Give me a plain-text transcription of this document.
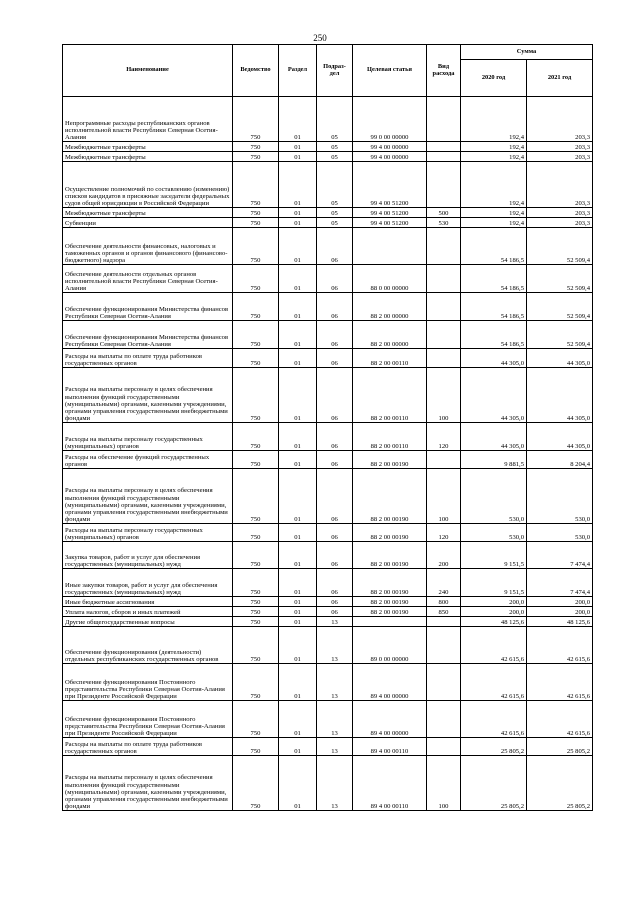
250
Наименование	Ведомство	Раздел	Подраз-
дел	Целевая статья	Вид расхода	Сумма	
						2020 год	2021 год
Непрограммные расходы республиканских органов исполнительной власти Республики Северная Осетия-Алания	750	01	05	99 0 00 00000		192,4	203,3
Межбюджетные трансферты	750	01	05	99 4 00 00000		192,4	203,3
Межбюджетные трансферты	750	01	05	99 4 00 00000		192,4	203,3
Осуществление полномочий по составлению (изменению) списков кандидатов в присяжные заседатели федеральных судов общей юрисдикции в Российской Федерации	750	01	05	99 4 00 51200		192,4	203,3
Межбюджетные трансферты	750	01	05	99 4 00 51200	500	192,4	203,3
Субвенции	750	01	05	99 4 00 51200	530	192,4	203,3
Обеспечение деятельности финансовых, налоговых и таможенных органов и органов финансового (финансово-бюджетного) надзора	750	01	06			54 186,5	52 509,4
Обеспечение деятельности отдельных органов исполнительной власти Республики Северная Осетия-Алания	750	01	06	88 0 00 00000		54 186,5	52 509,4
Обеспечение функционирования Министерства финансов Республики Северная Осетия-Алания	750	01	06	88 2 00 00000		54 186,5	52 509,4
Обеспечение функционирования Министерства финансов Республики Северная Осетия-Алания	750	01	06	88 2 00 00000		54 186,5	52 509,4
Расходы на выплаты по оплате труда работников государственных органов	750	01	06	88 2 00 00110		44 305,0	44 305,0
Расходы на выплаты персоналу в целях обеспечения выполнения функций государственными (муниципальными) органами, казенными учреждениями, органами управления государственными внебюджетными фондами	750	01	06	88 2 00 00110	100	44 305,0	44 305,0
Расходы на выплаты персоналу государственных (муниципальных) органов	750	01	06	88 2 00 00110	120	44 305,0	44 305,0
Расходы на обеспечение функций государственных органов	750	01	06	88 2 00 00190		9 881,5	8 204,4
Расходы на выплаты персоналу в целях обеспечения выполнения функций государственными (муниципальными) органами, казенными учреждениями, органами управления государственными внебюджетными фондами	750	01	06	88 2 00 00190	100	530,0	530,0
Расходы на выплаты персоналу государственных (муниципальных) органов	750	01	06	88 2 00 00190	120	530,0	530,0
Закупка товаров, работ и услуг для обеспечения государственных (муниципальных) нужд	750	01	06	88 2 00 00190	200	9 151,5	7 474,4
Иные закупки товаров, работ и услуг для обеспечения государственных (муниципальных) нужд	750	01	06	88 2 00 00190	240	9 151,5	7 474,4
Иные бюджетные ассигнования	750	01	06	88 2 00 00190	800	200,0	200,0
Уплата налогов, сборов и иных платежей	750	01	06	88 2 00 00190	850	200,0	200,0
Другие общегосударственные вопросы	750	01	13			48 125,6	48 125,6
Обеспечение функционирования (деятельности) отдельных республиканских государственных органов	750	01	13	89 0 00 00000		42 615,6	42 615,6
Обеспечение функционирования Постоянного представительства Республики Северная Осетия-Алания при Президенте Российской Федерации	750	01	13	89 4 00 00000		42 615,6	42 615,6
Обеспечение функционирования Постоянного представительства Республики Северная Осетия-Алания при Президенте Российской Федерации	750	01	13	89 4 00 00000		42 615,6	42 615,6
Расходы на выплаты по оплате труда работников государственных органов	750	01	13	89 4 00 00110		25 805,2	25 805,2
Расходы на выплаты персоналу в целях обеспечения выполнения функций государственными (муниципальными) органами, казенными учреждениями, органами управления государственными внебюджетными фондами	750	01	13	89 4 00 00110	100	25 805,2	25 805,2
